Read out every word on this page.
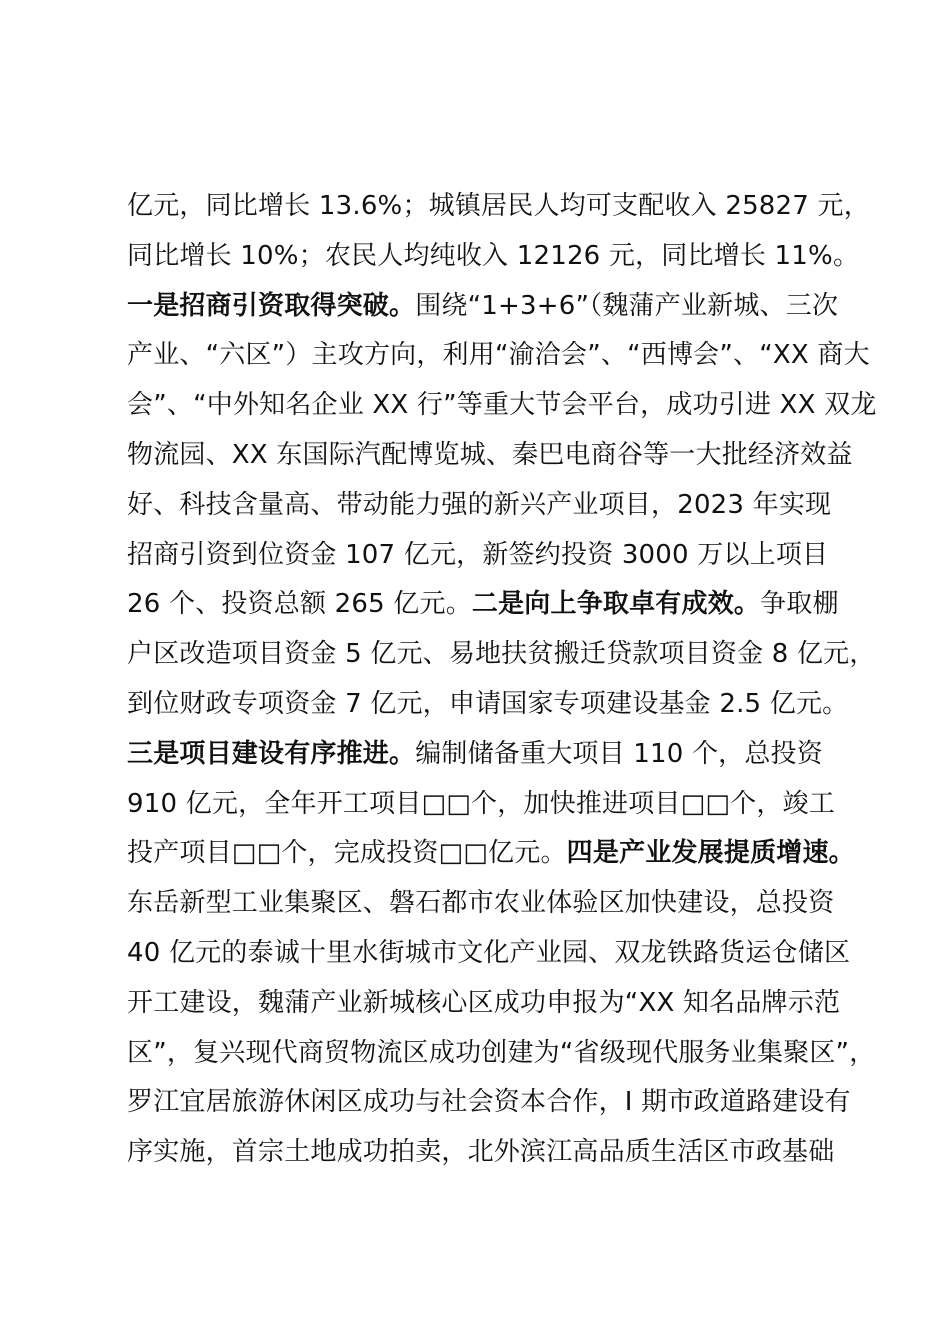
亿元，同比增长 13.6%；城镇居民人均可支配收入 25827 元，
同比增长 10%；农民人均纯收入 12126 元，同比增长 11%。
一是招商引资取得突破。围绕“1+3+6”（魏蒲产业新城、三次
产业、“六区”）主攻方向，利用“渝洽会”、“西博会”、“XX 商大
会”、“中外知名企业 XX 行”等重大节会平台，成功引进 XX 双龙
物流园、XX 东国际汽配博览城、秦巴电商谷等一大批经济效益
好、科技含量高、带动能力强的新兴产业项目，2023 年实现
招商引资到位资金 107 亿元，新签约投资 3000 万以上项目
26 个、投资总额 265 亿元。二是向上争取卓有成效。争取棚
户区改造项目资金 5 亿元、易地扶贫搬迁贷款项目资金 8 亿元，
到位财政专项资金 7 亿元，申请国家专项建设基金 2.5 亿元。
三是项目建设有序推进。编制储备重大项目 110 个，总投资
910 亿元，全年开工项目□□个，加快推进项目□□个，竣工
投产项目□□个，完成投资□□亿元。四是产业发展提质增速。
东岳新型工业集聚区、磐石都市农业体验区加快建设，总投资
40 亿元的泰诚十里水街城市文化产业园、双龙铁路货运仓储区
开工建设，魏蒲产业新城核心区成功申报为“XX 知名品牌示范
区”，复兴现代商贸物流区成功创建为“省级现代服务业集聚区”，
罗江宜居旅游休闲区成功与社会资本合作，I 期市政道路建设有
序实施，首宗土地成功拍卖，北外滨江高品质生活区市政基础
